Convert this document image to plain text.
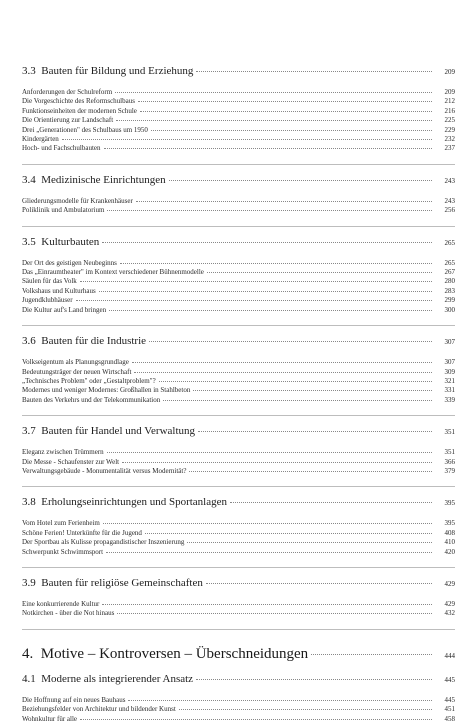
3.3 Bauten für Bildung und Erziehung	209
Anforderungen der Schulreform	209
Die Vorgeschichte des Reformschulbaus	212
Funktionseinheiten der modernen Schule	216
Die Orientierung zur Landschaft	225
Drei „Generationen" des Schulbaus um 1950	229
Kindergärten	232
Hoch- und Fachschulbauten	237
3.4 Medizinische Einrichtungen	243
Gliederungsmodelle für Krankenhäuser	243
Poliklinik und Ambulatorium	256
3.5 Kulturbauten	265
Der Ort des geistigen Neubeginns	265
Das „Einraumtheater" im Kontext verschiedener Bühnenmodelle	267
Säulen für das Volk	280
Volkshaus und Kulturhaus	283
Jugendklubhäuser	299
Die Kultur auf's Land bringen	300
3.6 Bauten für die Industrie	307
Volkseigentum als Planungsgrundlage	307
Bedeutungsträger der neuen Wirtschaft	309
„Technisches Problem" oder „Gestaltproblem"?	321
Modernes und weniger Modernes: Großhallen in Stahlbeton	331
Bauten des Verkehrs und der Telekommunikation	339
3.7 Bauten für Handel und Verwaltung	351
Eleganz zwischen Trümmern	351
Die Messe - Schaufenster zur Welt	366
Verwaltungsgebäude - Monumentalität versus Modernität?	379
3.8 Erholungseinrichtungen und Sportanlagen	395
Vom Hotel zum Ferienheim	395
Schöne Ferien! Unterkünfte für die Jugend	408
Der Sportbau als Kulisse propagandistischer Inszenierung	410
Schwerpunkt Schwimmsport	420
3.9 Bauten für religiöse Gemeinschaften	429
Eine konkurrierende Kultur	429
Notkirchen - über die Not hinaus	432
4. Motive – Kontroversen – Überschneidungen	444
4.1 Moderne als integrierender Ansatz	445
Die Hoffnung auf ein neues Bauhaus	445
Beziehungsfelder von Architektur und bildender Kunst	451
Wohnkultur für alle	458
